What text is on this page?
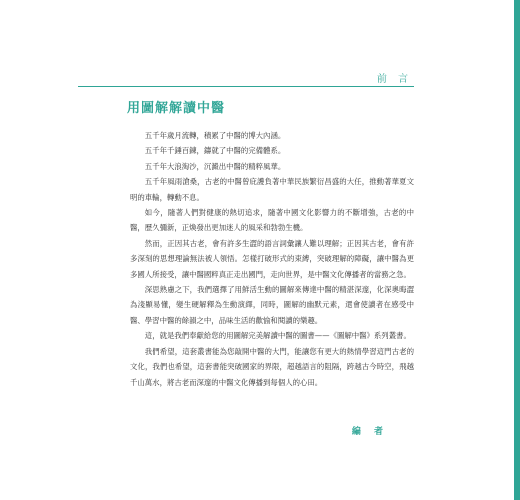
前 言
用圖解解讀中醫

五千年歲月流轉，積累了中醫的博大內涵。

五千年千錘百鍊，鑄就了中醫的完備體系。

五千年大浪淘沙，沉澱出中醫的精粹風華。

五千年風雨滄桑，古老的中醫曾庇護負著中華民族繁衍昌盛的大任，推動著華夏文明的車輪，轉動不息。

如今，隨著人們對健康的熱切追求，隨著中國文化影響力的不斷增強，古老的中醫，歷久彌新，正煥發出更加迷人的風采和勃勃生機。

然而，正因其古老，會有許多生澀的語言詞彙讓人難以理解；正因其古老，會有許多深刻的思想理論無法被人領悟。怎樣打破形式的束縛，突破理解的障礙，讓中醫為更多國人所接受，讓中醫國粹真正走出國門，走向世界，是中醫文化傳播者的當務之急。

深思熟慮之下，我們選擇了用鮮活生動的圖解來傳達中醫的精湛深邃，化深奧晦澀為淺顯易懂，變生硬解釋為生動演繹，同時，圖解的幽默元素，還會使讀者在感受中醫、學習中醫的餘韻之中，品味生活的歡愉和閱讀的樂趣。

這，就是我們奉獻給您的用圖解完美解讀中醫的圖書——《圖解中醫》系列叢書。

我們希望，這套叢書能為您敲開中醫的大門，能讓您有更大的熱情學習這門古老的文化，我們也希望，這套書能突破國家的界限，超越語言的阻隔，跨越古今時空，飛越千山萬水，將古老而深邃的中醫文化傳播到每個人的心田。

編 者
